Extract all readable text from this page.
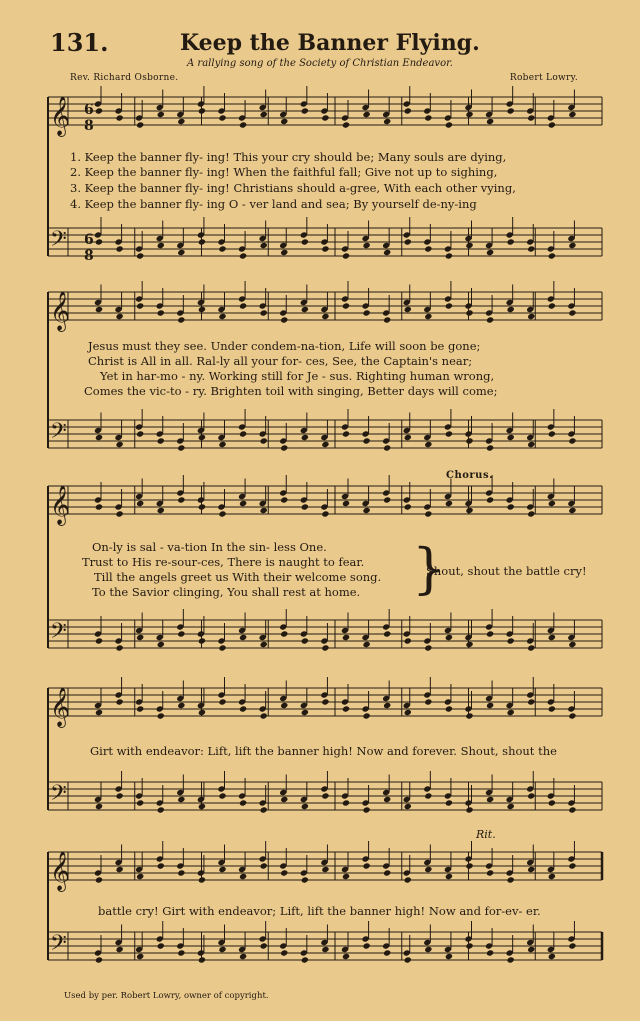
131.	Keep the Banner Flying.
A rallying song of the Society of Christian Endeavor.
Rev. Richard Osborne.	Robert Lowry.
𝄞
𝄢
𝄞
𝄢
𝄞
𝄢
𝄞
𝄢
𝄞
𝄢
6
8
6
8
1. Keep the banner fly- ing! This your cry should be; Many souls are dying,
2. Keep the banner fly- ing! When the faithful fall; Give not up to sighing,
3. Keep the banner fly- ing! Christians should a-gree, With each other vying,
4. Keep the banner fly- ing O - ver land and sea; By yourself de-ny-ing
Jesus must they see. Under condem-na-tion, Life will soon be gone;
Christ is All in all. Ral-ly all your for- ces, See, the Captain's near;
Yet in har-mo - ny. Working still for Je - sus. Righting human wrong,
Comes the vic-to - ry. Brighten toil with singing, Better days will come;
Chorus.
On-ly is sal - va-tion In the sin- less One.
Trust to His re-sour-ces, There is naught to fear.
Till the angels greet us With their welcome song.
To the Savior clinging, You shall rest at home. }
Shout, shout the battle cry!
Girt with endeavor: Lift, lift the banner high! Now and forever. Shout, shout the
Rit.
battle cry! Girt with endeavor; Lift, lift the banner high! Now and for-ev- er.
Used by per. Robert Lowry, owner of copyright.
